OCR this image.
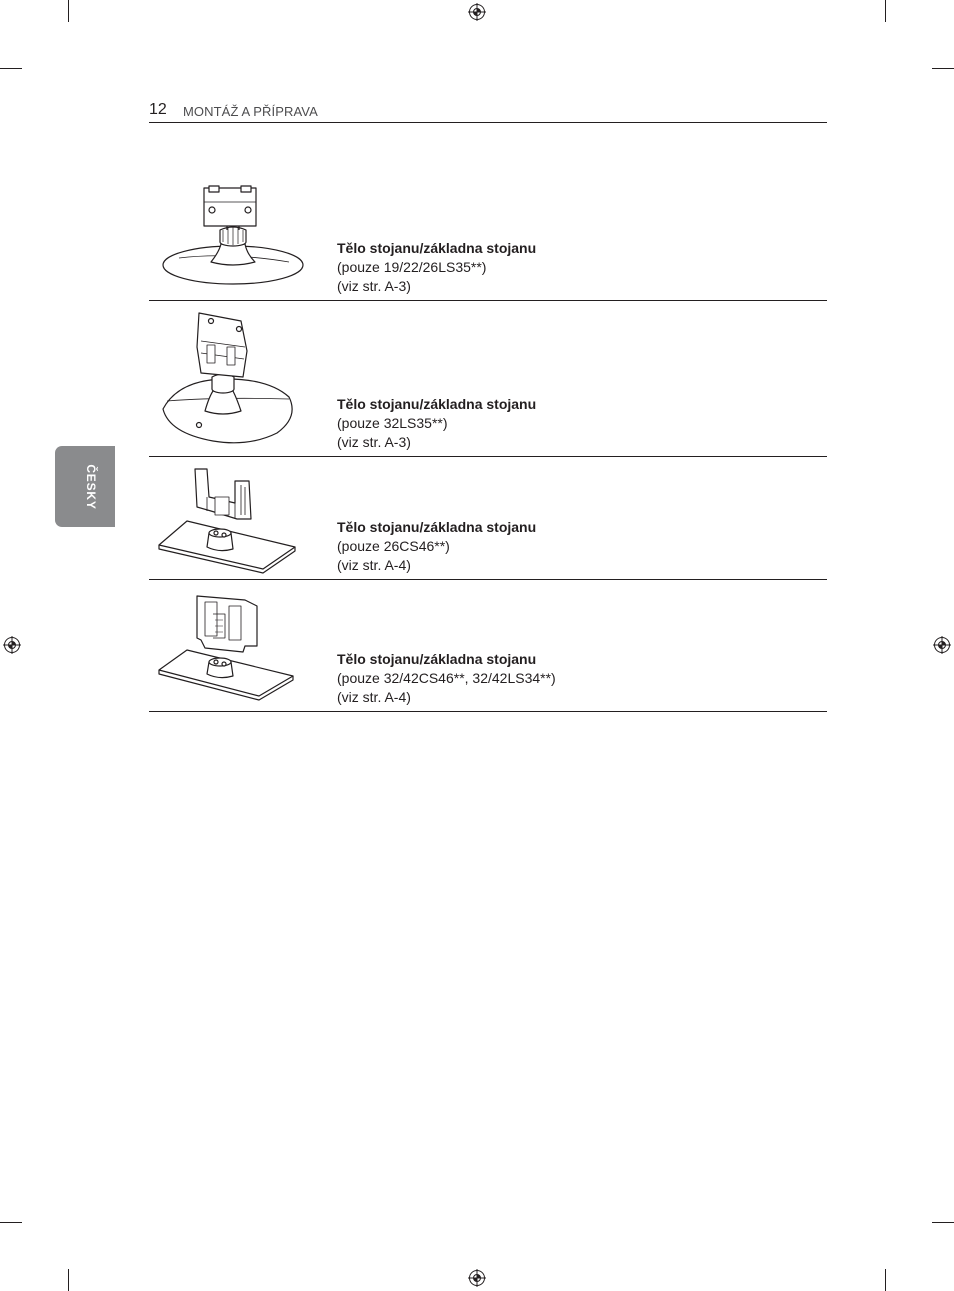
12 MONTÁŽ A PŘÍPRAVA
ČESKY
Tělo stojanu/základna stojanu
(pouze 19/22/26LS35**)
(viz str. A-3)
Tělo stojanu/základna stojanu
(pouze 32LS35**)
(viz str. A-3)
Tělo stojanu/základna stojanu
(pouze 26CS46**)
(viz str. A-4)
Tělo stojanu/základna stojanu
(pouze 32/42CS46**, 32/42LS34**)
(viz str. A-4)
